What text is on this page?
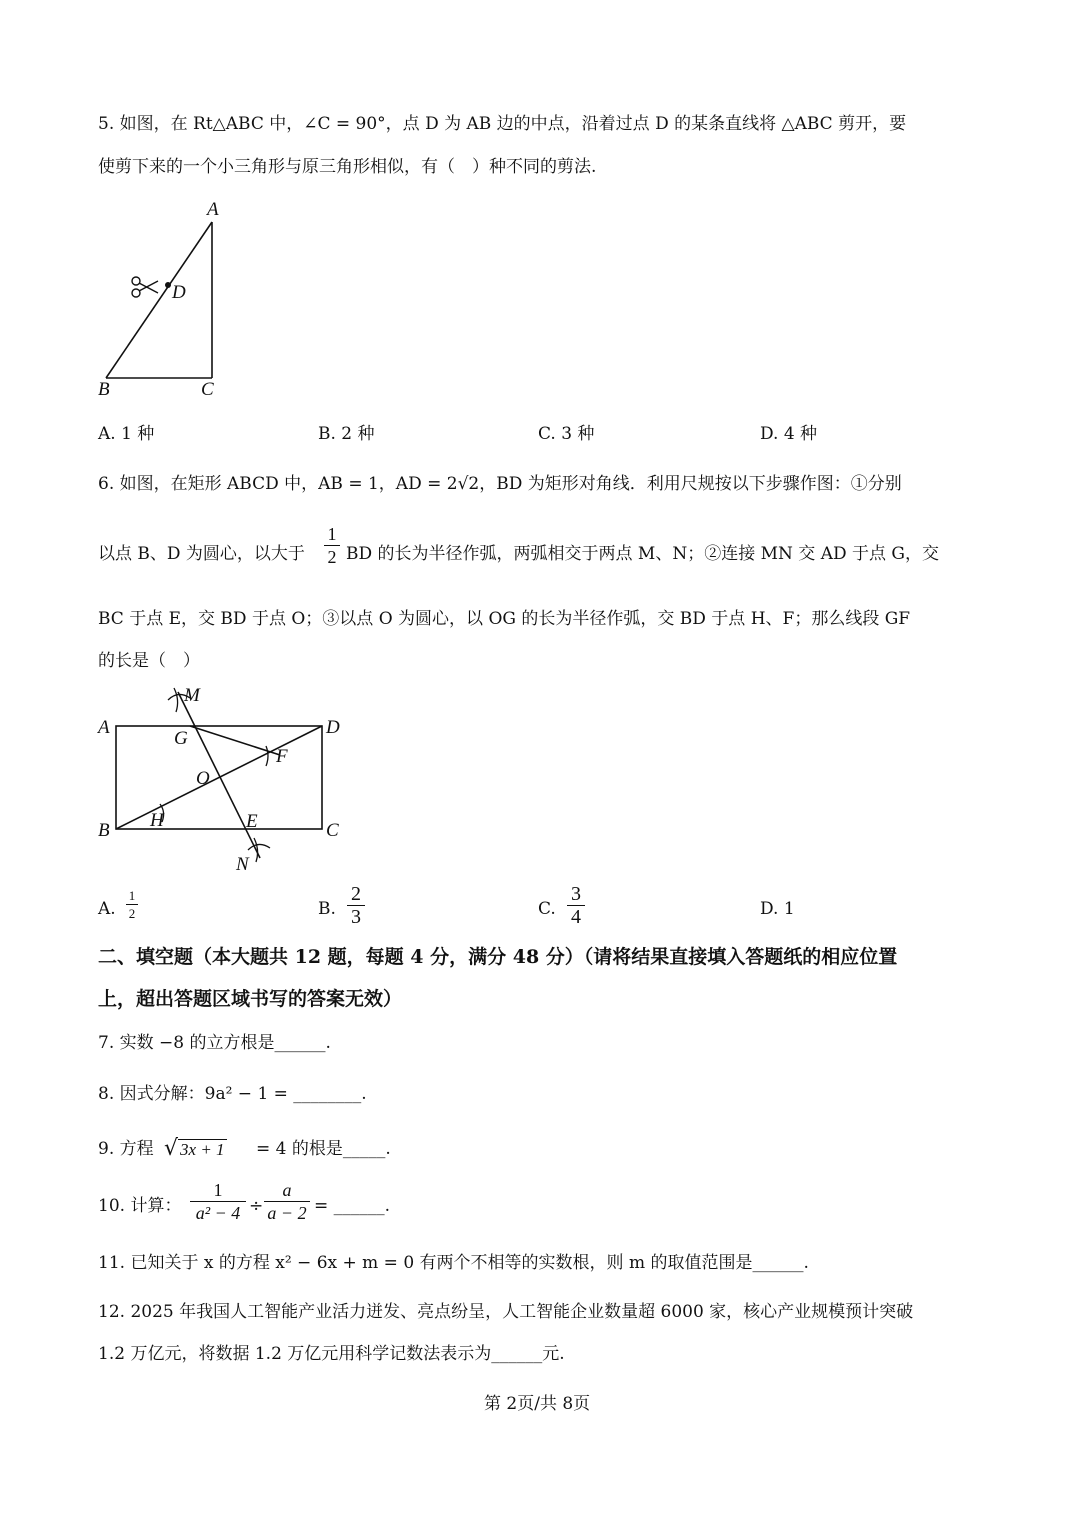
5. 如图，在 Rt△ABC 中，∠C = 90°，点 D 为 AB 边的中点，沿着过点 D 的某条直线将 △ABC 剪开，要
使剪下来的一个小三角形与原三角形相似，有（　）种不同的剪法.
A
B	C
D
A. 1 种	B. 2 种	C. 3 种	D. 4 种
6. 如图，在矩形 ABCD 中，AB = 1，AD = 2√2，BD 为矩形对角线．利用尺规按以下步骤作图：①分别
以点 B、D 为圆心，以大于
1
2 BD 的长为半径作弧，两弧相交于两点 M、N；②连接 MN 交 AD 于点 G，交
BC 于点 E，交 BD 于点 O；③以点 O 为圆心，以 OG 的长为半径作弧，交 BD 于点 H、F；那么线段 GF
的长是（　）
M
A
G
D
F
O
H	E
B	C
N
A.
1
2	B.
2
3	C.
3
4	D. 1
二、填空题（本大题共 12 题，每题 4 分，满分 48 分）（请将结果直接填入答题纸的相应位置
上，超出答题区域书写的答案无效）
7. 实数 −8 的立方根是______.
8. 因式分解：9a² − 1 = ________.
9. 方程 √ 3x + 1 = 4 的根是_____.
10. 计算：
1
a² − 4 ÷
a
a − 2 = ______.
11. 已知关于 x 的方程 x² − 6x + m = 0 有两个不相等的实数根，则 m 的取值范围是______.
12. 2025 年我国人工智能产业活力迸发、亮点纷呈，人工智能企业数量超 6000 家，核心产业规模预计突破
1.2 万亿元，将数据 1.2 万亿元用科学记数法表示为______元.
第 2页/共 8页
